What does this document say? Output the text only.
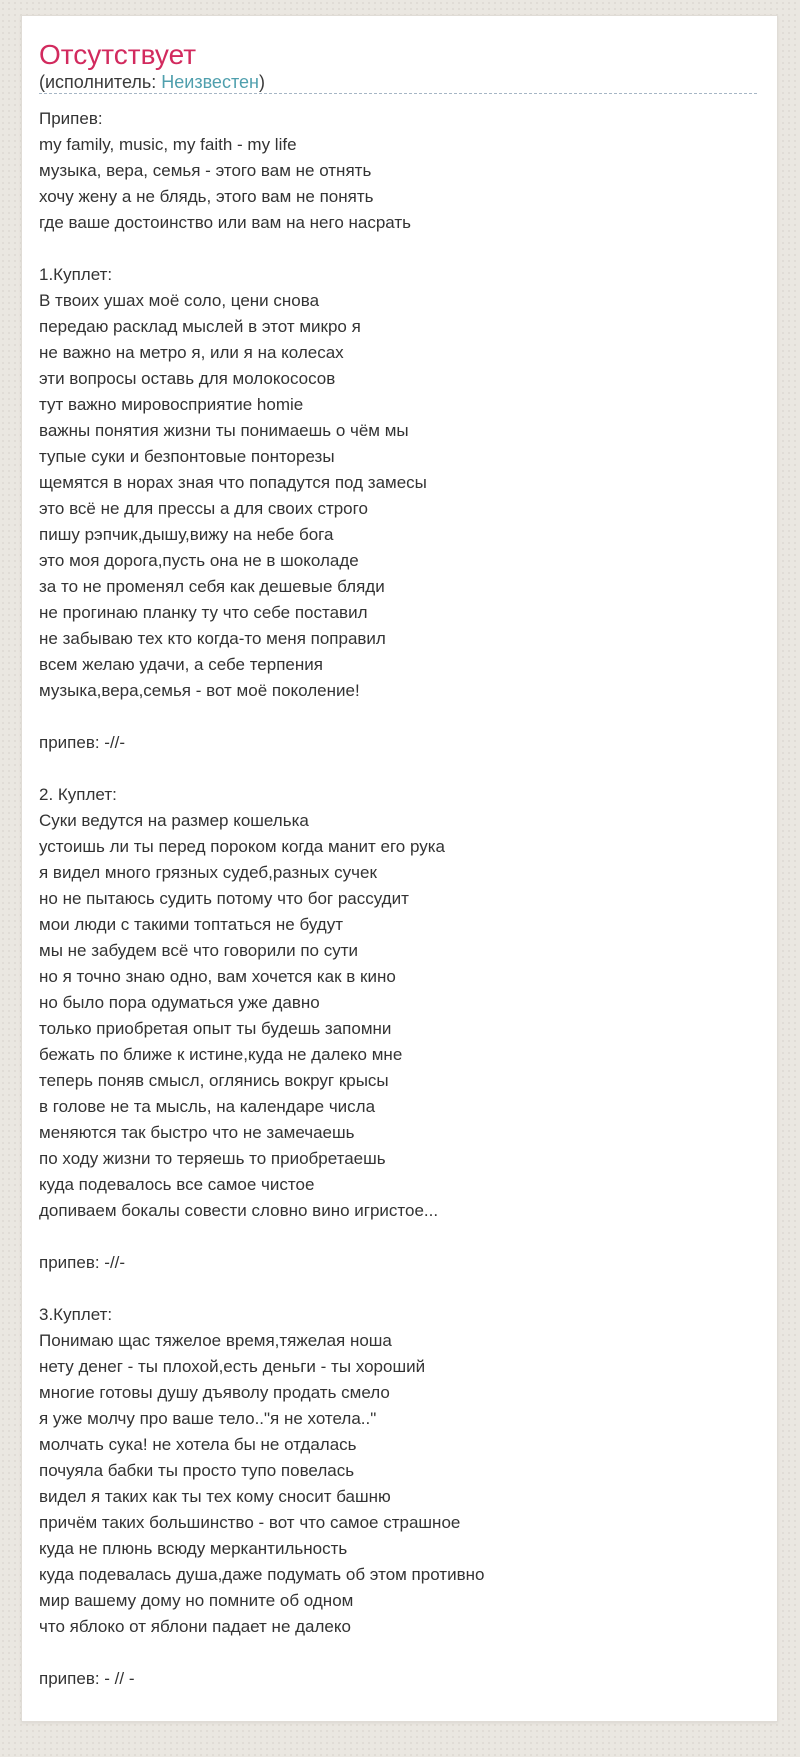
Отсутствует
(исполнитель: Неизвестен)
Припев:
my family, music, my faith - my life
музыка, вера, семья - этого вам не отнять
хочу жену а не блядь, этого вам не понять
где ваше достоинство или вам на него насрать
1.Куплет:
В твоих ушах моё соло, цени снова
передаю расклад мыслей в этот микро я
не важно на метро я, или я на колесах
эти вопросы оставь для молокососов
тут важно мировосприятие homie
важны понятия жизни ты понимаешь о чём мы
тупые суки и безпонтовые понторезы
щемятся в норах зная что попадутся под замесы
это всё не для прессы а для своих строго
пишу рэпчик,дышу,вижу на небе бога
это моя дорога,пусть она не в шоколаде
за то не променял себя как дешевые бляди
не прогинаю планку ту что себе поставил
не забываю тех кто когда-то меня поправил
всем желаю удачи, а себе терпения
музыка,вера,семья - вот моё поколение!
припев: -//-
2. Куплет:
Суки ведутся на размер кошелька
устоишь ли ты перед пороком когда манит его рука
я видел много грязных судеб,разных сучек
но не пытаюсь судить потому что бог рассудит
мои люди с такими топтаться не будут
мы не забудем всё что говорили по сути
но я точно знаю одно, вам хочется как в кино
но было пора одуматься уже давно
только приобретая опыт ты будешь запомни
бежать по ближе к истине,куда не далеко мне
теперь поняв смысл, оглянись вокруг крысы
в голове не та мысль, на календаре числа
меняются так быстро что не замечаешь
по ходу жизни то теряешь то приобретаешь
куда подевалось все самое чистое
допиваем бокалы совести словно вино игристое...
припев: -//-
3.Куплет:
Понимаю щас тяжелое время,тяжелая ноша
нету денег - ты плохой,есть деньги - ты хороший
многие готовы душу дъяволу продать смело
я уже молчу про ваше тело.."я не хотела.."
молчать сука! не хотела бы не отдалась
почуяла бабки ты просто тупо повелась
видел я таких как ты тех кому сносит башню
причём таких большинство - вот что самое страшное
куда не плюнь всюду меркантильность
куда подевалась душа,даже подумать об этом противно
мир вашему дому но помните об одном
что яблоко от яблони падает не далеко
припев: - // -
